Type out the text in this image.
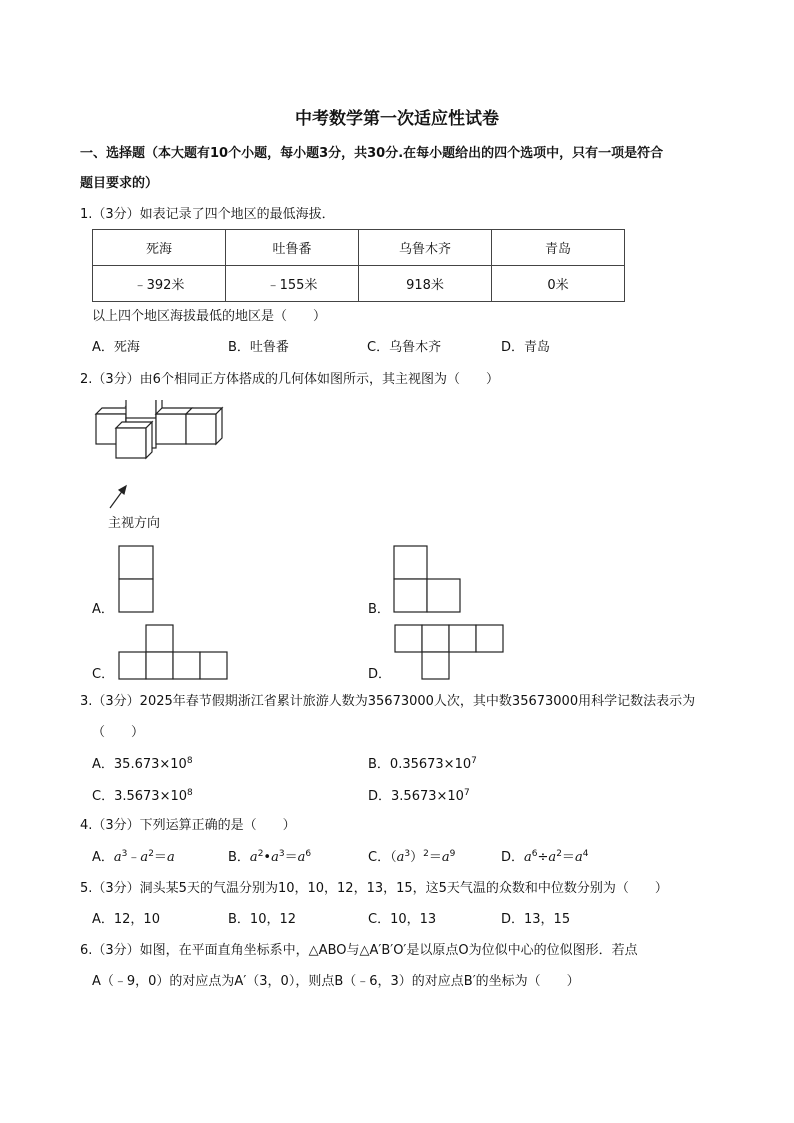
中考数学第一次适应性试卷
一、选择题（本大题有10个小题，每小题3分，共30分.在每小题给出的四个选项中，只有一项是符合
题目要求的）
1.（3分）如表记录了四个地区的最低海拔．
死海	吐鲁番	乌鲁木齐	青岛
﹣392米	﹣155米	918米	0米
以上四个地区海拔最低的地区是（　　）
A．死海	B．吐鲁番	C．乌鲁木齐	D．青岛
2.（3分）由6个相同正方体搭成的几何体如图所示，其主视图为（　　）
主视方向
A．	B．
C．	D．
3.（3分）2025年春节假期浙江省累计旅游人数为35673000人次，其中数35673000用科学记数法表示为
（　　）
A．$35.673\times 10^8$	B．$0.35673\times 10^7$
C．$3.5673\times 10^8$	D．$3.5673\times 10^7$
4.（3分）下列运算正确的是（　　）
A．$a^3﹣a^2=a$	B．$a^2•a^3=a^6$	C．$(a^3)^2=a^9$	D．$a^6\div a^2=a^4$
5.（3分）洞头某5天的气温分别为10，10，12，13，15，这5天气温的众数和中位数分别为（　　）
A．12，10	B．10，12	C．10，13	D．13，15
6.（3分）如图，在平面直角坐标系中，△ABO与△A′B′O′是以原点O为位似中心的位似图形．若点
A（﹣9，0）的对应点为A′（3，0），则点B（﹣6，3）的对应点B′的坐标为（　　）
